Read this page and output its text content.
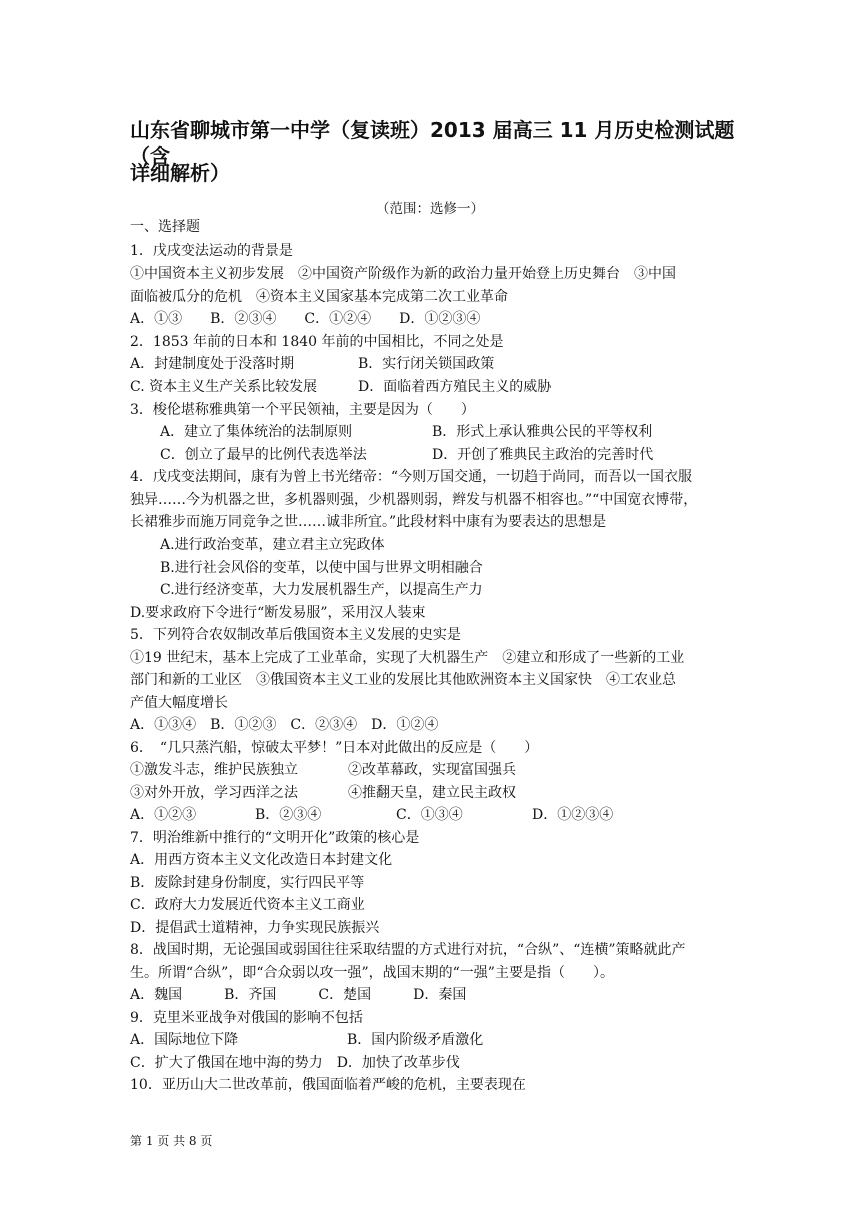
山东省聊城市第一中学（复读班）2013 届高三 11 月历史检测试题（含
详细解析）
（范围：选修一）
一、选择题
1．戊戌变法运动的背景是
①中国资本主义初步发展　②中国资产阶级作为新的政治力量开始登上历史舞台　③中国
面临被瓜分的危机　④资本主义国家基本完成第二次工业革命
A．①③　　B．②③④　　C．①②④　　D．①②③④
2．1853 年前的日本和 1840 年前的中国相比，不同之处是
A．封建制度处于没落时期	B．实行闭关锁国政策
C. 资本主义生产关系比较发展	D．面临着西方殖民主义的威胁
3．梭伦堪称雅典第一个平民领袖，主要是因为（　　）
A．建立了集体统治的法制原则	B．形式上承认雅典公民的平等权利
C．创立了最早的比例代表选举法	D．开创了雅典民主政治的完善时代
4．戊戌变法期间，康有为曾上书光绪帝：“今则万国交通，一切趋于尚同，而吾以一国衣服
独异……今为机器之世，多机器则强，少机器则弱，辫发与机器不相容也。”“中国宽衣博带，
长裙雅步而施万同竞争之世……诚非所宜。”此段材料中康有为要表达的思想是
A.进行政治变革，建立君主立宪政体
B.进行社会风俗的变革，以使中国与世界文明相融合
C.进行经济变革，大力发展机器生产，以提高生产力
D.要求政府下令进行“断发易服”，采用汉人装束
5．下列符合农奴制改革后俄国资本主义发展的史实是
①19 世纪末，基本上完成了工业革命，实现了大机器生产　②建立和形成了一些新的工业
部门和新的工业区　③俄国资本主义工业的发展比其他欧洲资本主义国家快　④工农业总
产值大幅度增长
A．①③④　B．①②③　C．②③④　D．①②④
6．　“几只蒸汽船，惊破太平梦！”日本对此做出的反应是（　　）
①激发斗志，维护民族独立	②改革幕政，实现富国强兵
③对外开放，学习西洋之法	④推翻天皇，建立民主政权
A．①②③	B．②③④	C．①③④	D．①②③④
7．明治维新中推行的“文明开化”政策的核心是
A．用西方资本主义文化改造日本封建文化
B．废除封建身份制度，实行四民平等
C．政府大力发展近代资本主义工商业
D．提倡武士道精神，力争实现民族振兴
8．战国时期，无论强国或弱国往往采取结盟的方式进行对抗，“合纵”、“连横”策略就此产
生。所谓“合纵”，即“合众弱以攻一强”，战国末期的“一强”主要是指（　　）。
A．魏国　　　B．齐国　　　C．楚国　　　D．秦国
9．克里米亚战争对俄国的影响不包括
A．国际地位下降	B．国内阶级矛盾激化
C．扩大了俄国在地中海的势力　D．加快了改革步伐
10．亚历山大二世改革前，俄国面临着严峻的危机，主要表现在
第 1 页 共 8 页
